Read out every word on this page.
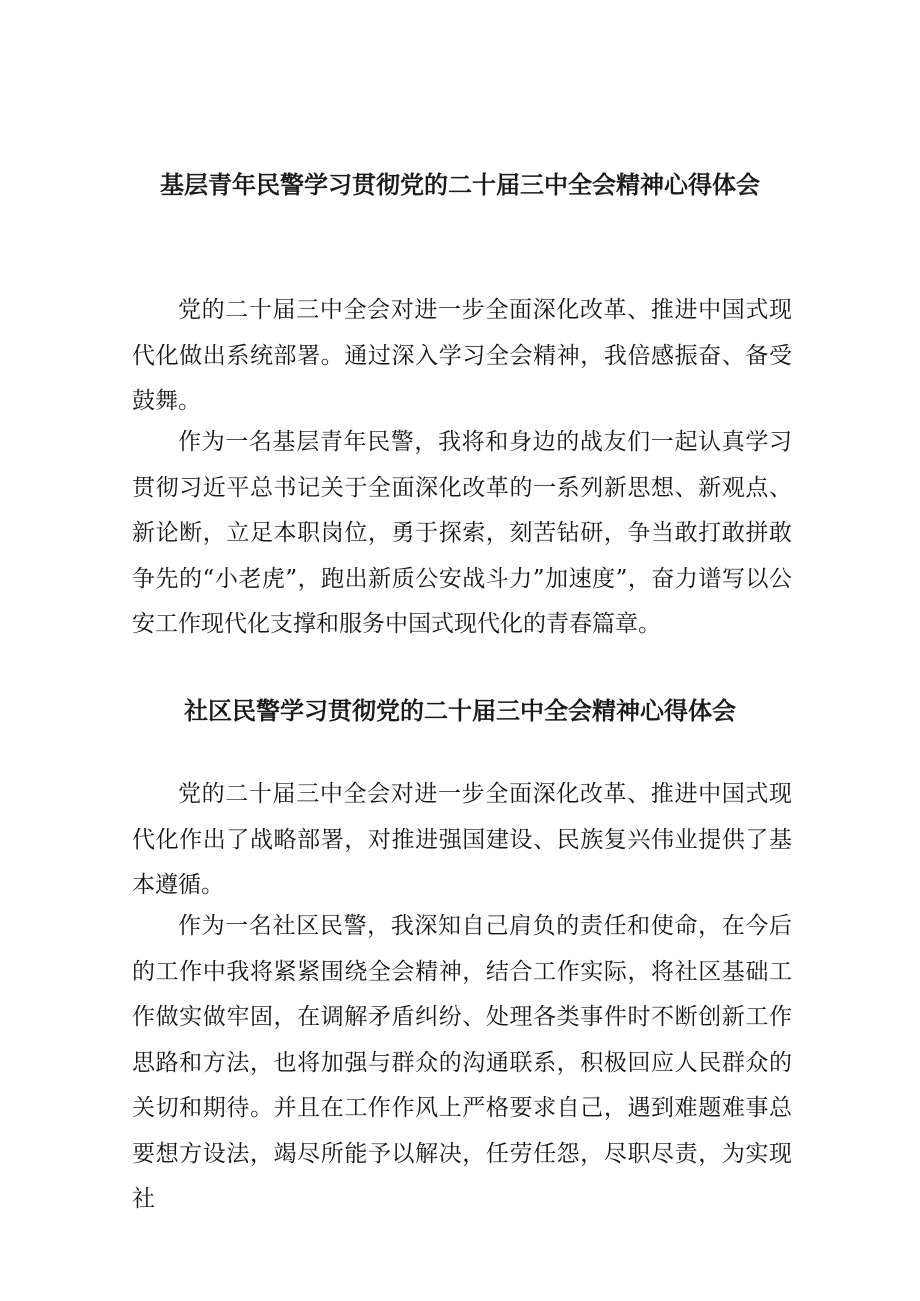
基层青年民警学习贯彻党的二十届三中全会精神心得体会

党的二十届三中全会对进一步全面深化改革、推进中国式现代化做出系统部署。通过深入学习全会精神，我倍感振奋、备受鼓舞。

作为一名基层青年民警，我将和身边的战友们一起认真学习贯彻习近平总书记关于全面深化改革的一系列新思想、新观点、新论断，立足本职岗位，勇于探索，刻苦钻研，争当敢打敢拼敢争先的“小老虎”，跑出新质公安战斗力”加速度”，奋力谱写以公安工作现代化支撑和服务中国式现代化的青春篇章。

社区民警学习贯彻党的二十届三中全会精神心得体会

党的二十届三中全会对进一步全面深化改革、推进中国式现代化作出了战略部署，对推进强国建设、民族复兴伟业提供了基本遵循。

作为一名社区民警，我深知自己肩负的责任和使命，在今后的工作中我将紧紧围绕全会精神，结合工作实际，将社区基础工作做实做牢固，在调解矛盾纠纷、处理各类事件时不断创新工作思路和方法，也将加强与群众的沟通联系，积极回应人民群众的关切和期待。并且在工作作风上严格要求自己，遇到难题难事总要想方设法，竭尽所能予以解决，任劳任怨，尽职尽责，为实现社
